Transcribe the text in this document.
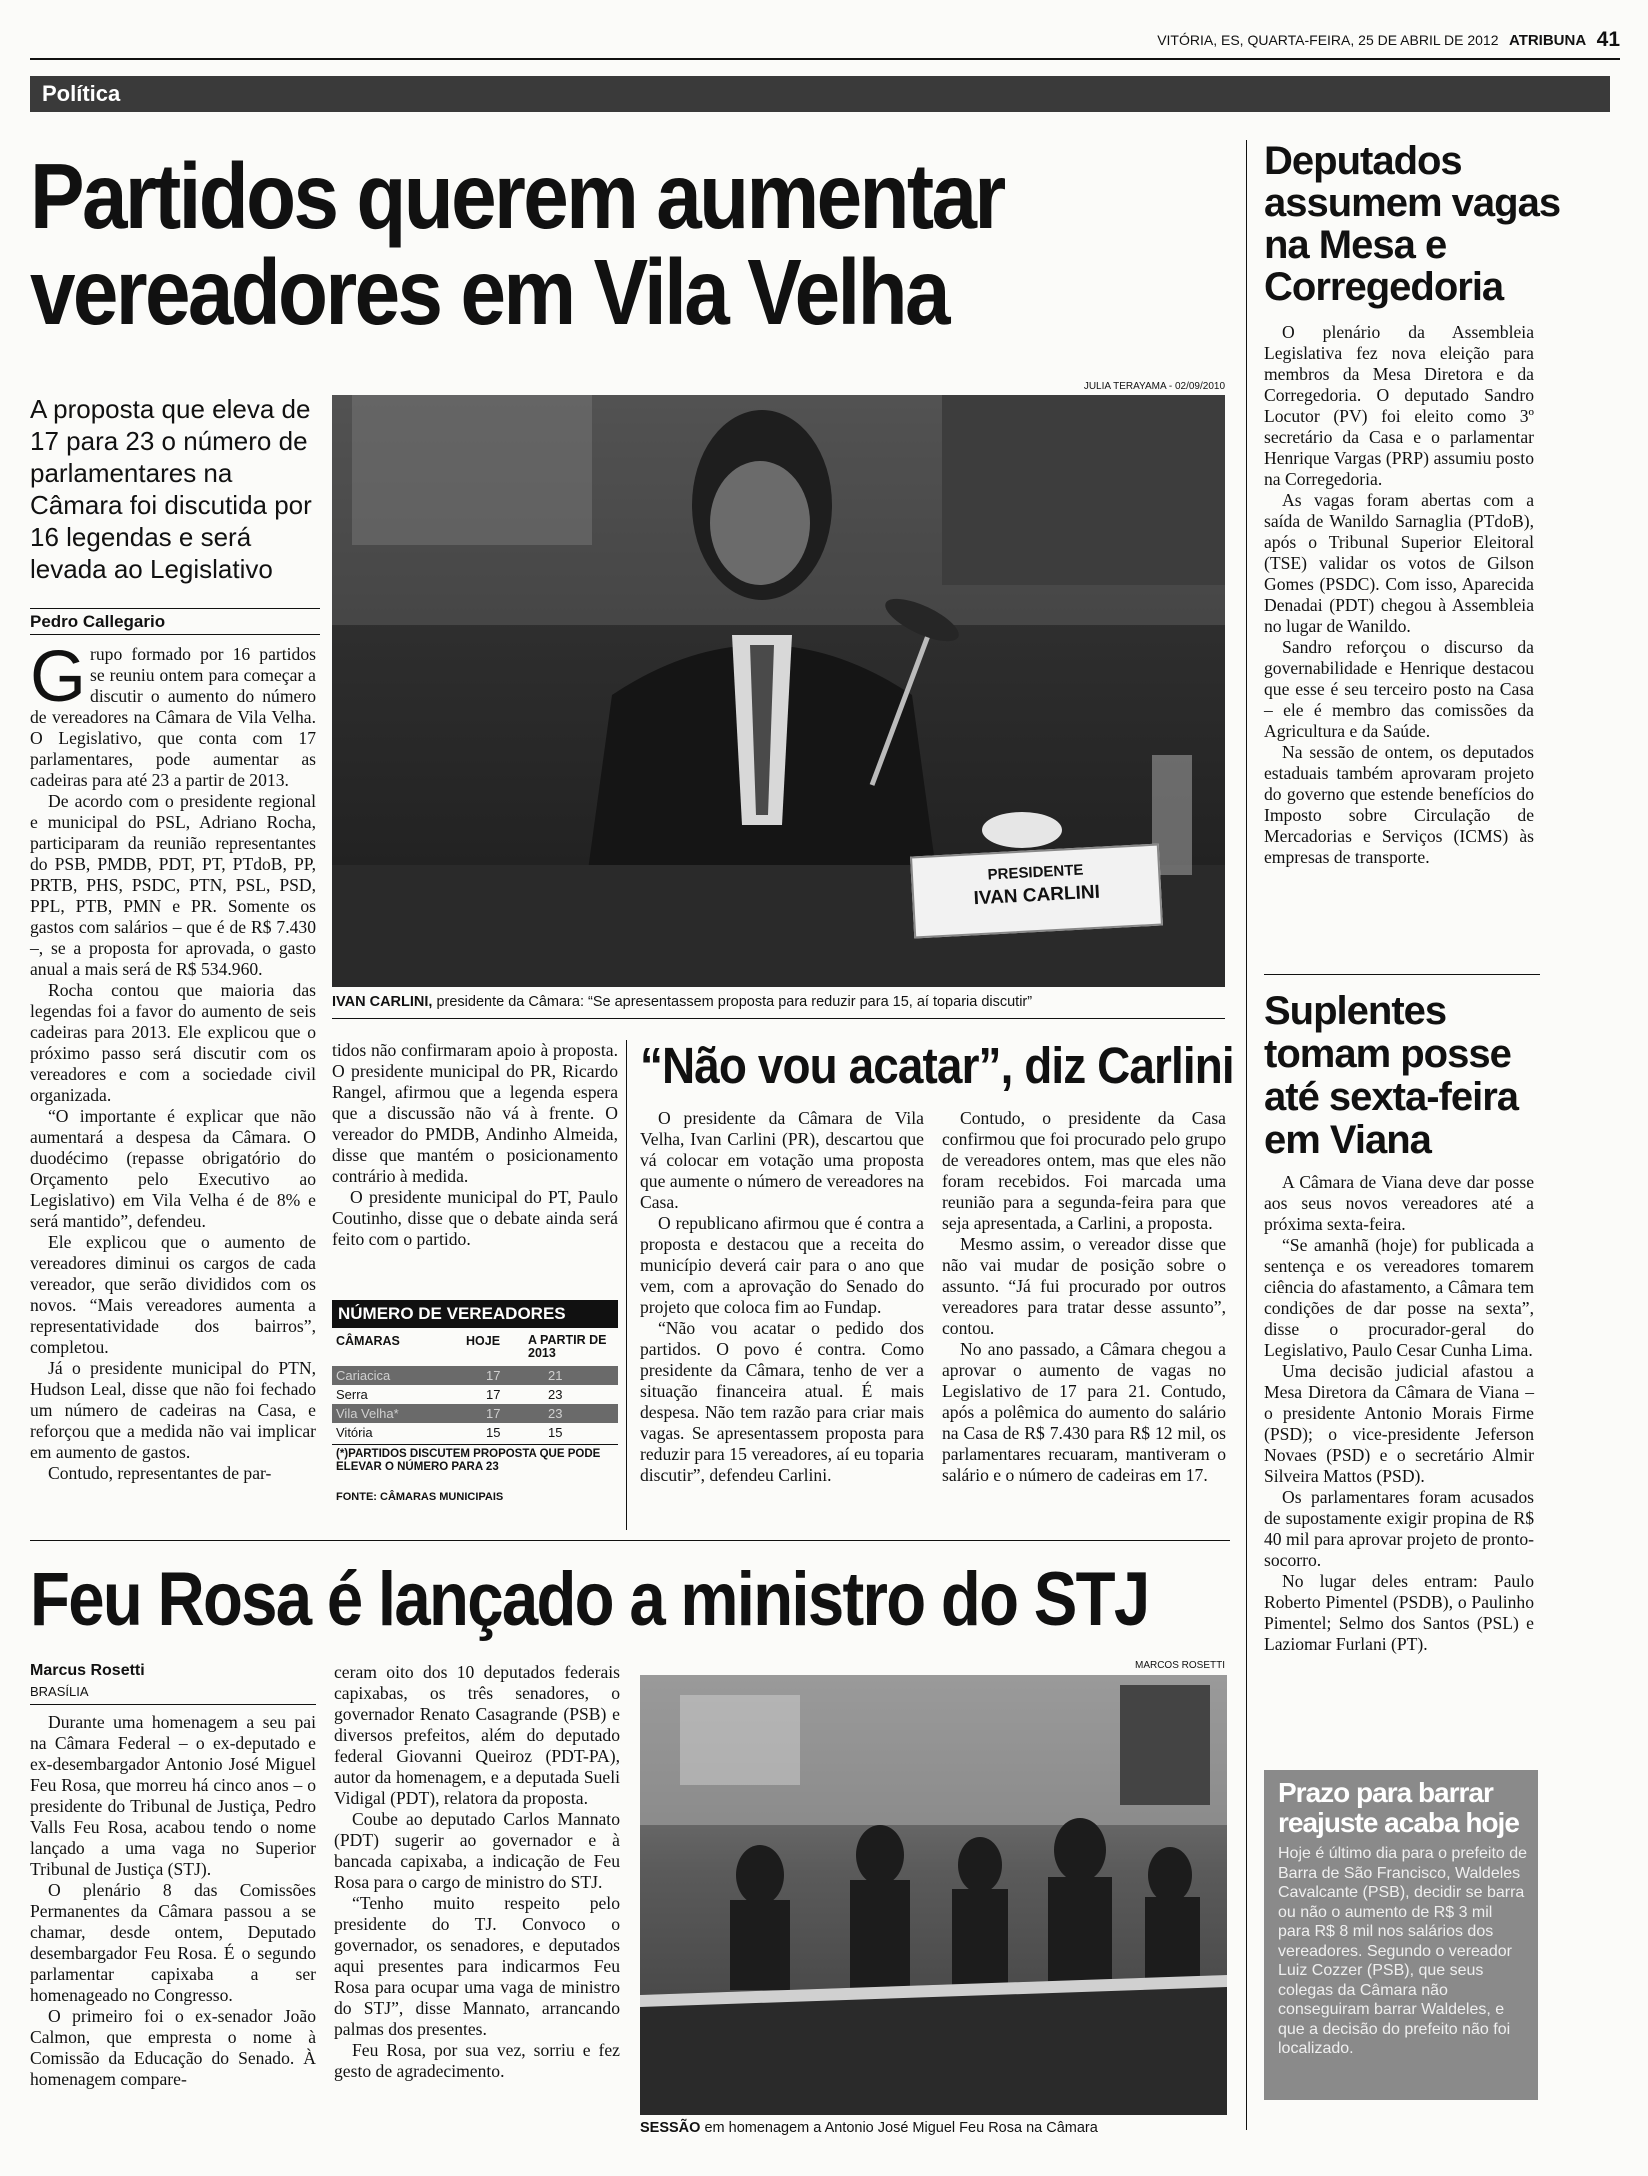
VITÓRIA, ES, QUARTA-FEIRA, 25 DE ABRIL DE 2012 ATRIBUNA 41
Política
Partidos querem aumentar
vereadores em Vila Velha
A proposta que eleva de 17 para 23 o número de parlamentares na Câmara foi discutida por 16 legendas e será levada ao Legislativo
Pedro Callegario
G rupo formado por 16 partidos se reuniu ontem para começar a discutir o aumento do número de vereadores na Câmara de Vila Velha. O Legislativo, que conta com 17 parlamentares, pode aumentar as cadeiras para até 23 a partir de 2013.

De acordo com o presidente regional e municipal do PSL, Adriano Rocha, participaram da reunião representantes do PSB, PMDB, PDT, PT, PTdoB, PP, PRTB, PHS, PSDC, PTN, PSL, PSD, PPL, PTB, PMN e PR. Somente os gastos com salários – que é de R$ 7.430 –, se a proposta for aprovada, o gasto anual a mais será de R$ 534.960.

Rocha contou que maioria das legendas foi a favor do aumento de seis cadeiras para 2013. Ele explicou que o próximo passo será discutir com os vereadores e com a sociedade civil organizada.

“O importante é explicar que não aumentará a despesa da Câmara. O duodécimo (repasse obrigatório do Orçamento pelo Executivo ao Legislativo) em Vila Velha é de 8% e será mantido”, defendeu.

Ele explicou que o aumento de vereadores diminui os cargos de cada vereador, que serão divididos com os novos. “Mais vereadores aumenta a representatividade dos bairros”, completou.

Já o presidente municipal do PTN, Hudson Leal, disse que não foi fechado um número de cadeiras na Casa, e reforçou que a medida não vai implicar em aumento de gastos.

Contudo, representantes de par-

JULIA TERAYAMA - 02/09/2010
PRESIDENTE
IVAN CARLINI
IVAN CARLINI, presidente da Câmara: “Se apresentassem proposta para reduzir para 15, aí toparia discutir”

tidos não confirmaram apoio à proposta. O presidente municipal do PR, Ricardo Rangel, afirmou que a legenda espera que a discussão não vá à frente. O vereador do PMDB, Andinho Almeida, disse que mantém o posicionamento contrário à medida.

O presidente municipal do PT, Paulo Coutinho, disse que o debate ainda será feito com o partido.

NÚMERO DE VEREADORES
CÂMARAS	HOJE	A PARTIR DE 2013
Cariacica	17	21
Serra	17	23
Vila Velha*	17	23
Vitória	15	15
(*)PARTIDOS DISCUTEM PROPOSTA QUE PODE ELEVAR O NÚMERO PARA 23
FONTE: CÂMARAS MUNICIPAIS
“Não vou acatar”, diz Carlini

O presidente da Câmara de Vila Velha, Ivan Carlini (PR), descartou que vá colocar em votação uma proposta que aumente o número de vereadores na Casa.

O republicano afirmou que é contra a proposta e destacou que a receita do município deverá cair para o ano que vem, com a aprovação do Senado do projeto que coloca fim ao Fundap.

“Não vou acatar o pedido dos partidos. O povo é contra. Como presidente da Câmara, tenho de ver a situação financeira atual. É mais despesa. Não tem razão para criar mais vagas. Se apresentassem proposta para reduzir para 15 vereadores, aí eu toparia discutir”, defendeu Carlini.

Contudo, o presidente da Casa confirmou que foi procurado pelo grupo de vereadores ontem, mas que eles não foram recebidos. Foi marcada uma reunião para a segunda-feira para que seja apresentada, a Carlini, a proposta.

Mesmo assim, o vereador disse que não vai mudar de posição sobre o assunto. “Já fui procurado por outros vereadores para tratar desse assunto”, contou.

No ano passado, a Câmara chegou a aprovar o aumento de vagas no Legislativo de 17 para 21. Contudo, após a polêmica do aumento do salário na Casa de R$ 7.430 para R$ 12 mil, os parlamentares recuaram, mantiveram o salário e o número de cadeiras em 17.

Feu Rosa é lançado a ministro do STJ
Marcus Rosetti
BRASÍLIA

Durante uma homenagem a seu pai na Câmara Federal – o ex-deputado e ex-desembargador Antonio José Miguel Feu Rosa, que morreu há cinco anos – o presidente do Tribunal de Justiça, Pedro Valls Feu Rosa, acabou tendo o nome lançado a uma vaga no Superior Tribunal de Justiça (STJ).

O plenário 8 das Comissões Permanentes da Câmara passou a se chamar, desde ontem, Deputado desembargador Feu Rosa. É o segundo parlamentar capixaba a ser homenageado no Congresso.

O primeiro foi o ex-senador João Calmon, que empresta o nome à Comissão da Educação do Senado. À homenagem compare-

ceram oito dos 10 deputados federais capixabas, os três senadores, o governador Renato Casagrande (PSB) e diversos prefeitos, além do deputado federal Giovanni Queiroz (PDT-PA), autor da homenagem, e a deputada Sueli Vidigal (PDT), relatora da proposta.

Coube ao deputado Carlos Mannato (PDT) sugerir ao governador e à bancada capixaba, a indicação de Feu Rosa para o cargo de ministro do STJ.

“Tenho muito respeito pelo presidente do TJ. Convoco o governador, os senadores, e deputados aqui presentes para indicarmos Feu Rosa para ocupar uma vaga de ministro do STJ”, disse Mannato, arrancando palmas dos presentes.

Feu Rosa, por sua vez, sorriu e fez gesto de agradecimento.

MARCOS ROSETTI
SESSÃO em homenagem a Antonio José Miguel Feu Rosa na Câmara
Deputados assumem vagas na Mesa e Corregedoria

O plenário da Assembleia Legislativa fez nova eleição para membros da Mesa Diretora e da Corregedoria. O deputado Sandro Locutor (PV) foi eleito como 3º secretário da Casa e o parlamentar Henrique Vargas (PRP) assumiu posto na Corregedoria.

As vagas foram abertas com a saída de Wanildo Sarnaglia (PTdoB), após o Tribunal Superior Eleitoral (TSE) validar os votos de Gilson Gomes (PSDC). Com isso, Aparecida Denadai (PDT) chegou à Assembleia no lugar de Wanildo.

Sandro reforçou o discurso da governabilidade e Henrique destacou que esse é seu terceiro posto na Casa – ele é membro das comissões da Agricultura e da Saúde.

Na sessão de ontem, os deputados estaduais também aprovaram projeto do governo que estende benefícios do Imposto sobre Circulação de Mercadorias e Serviços (ICMS) às empresas de transporte.

Suplentes tomam posse até sexta-feira em Viana

A Câmara de Viana deve dar posse aos seus novos vereadores até a próxima sexta-feira.

“Se amanhã (hoje) for publicada a sentença e os vereadores tomarem ciência do afastamento, a Câmara tem condições de dar posse na sexta”, disse o procurador-geral do Legislativo, Paulo Cesar Cunha Lima.

Uma decisão judicial afastou a Mesa Diretora da Câmara de Viana – o presidente Antonio Morais Firme (PSD); o vice-presidente Jeferson Novaes (PSD) e o secretário Almir Silveira Mattos (PSD).

Os parlamentares foram acusados de supostamente exigir propina de R$ 40 mil para aprovar projeto de pronto-socorro.

No lugar deles entram: Paulo Roberto Pimentel (PSDB), o Paulinho Pimentel; Selmo dos Santos (PSL) e Laziomar Furlani (PT).

Prazo para barrar reajuste acaba hoje
Hoje é último dia para o prefeito de Barra de São Francisco, Waldeles Cavalcante (PSB), decidir se barra ou não o aumento de R$ 3 mil para R$ 8 mil nos salários dos vereadores. Segundo o vereador Luiz Cozzer (PSB), que seus colegas da Câmara não conseguiram barrar Waldeles, e que a decisão do prefeito não foi localizado.
